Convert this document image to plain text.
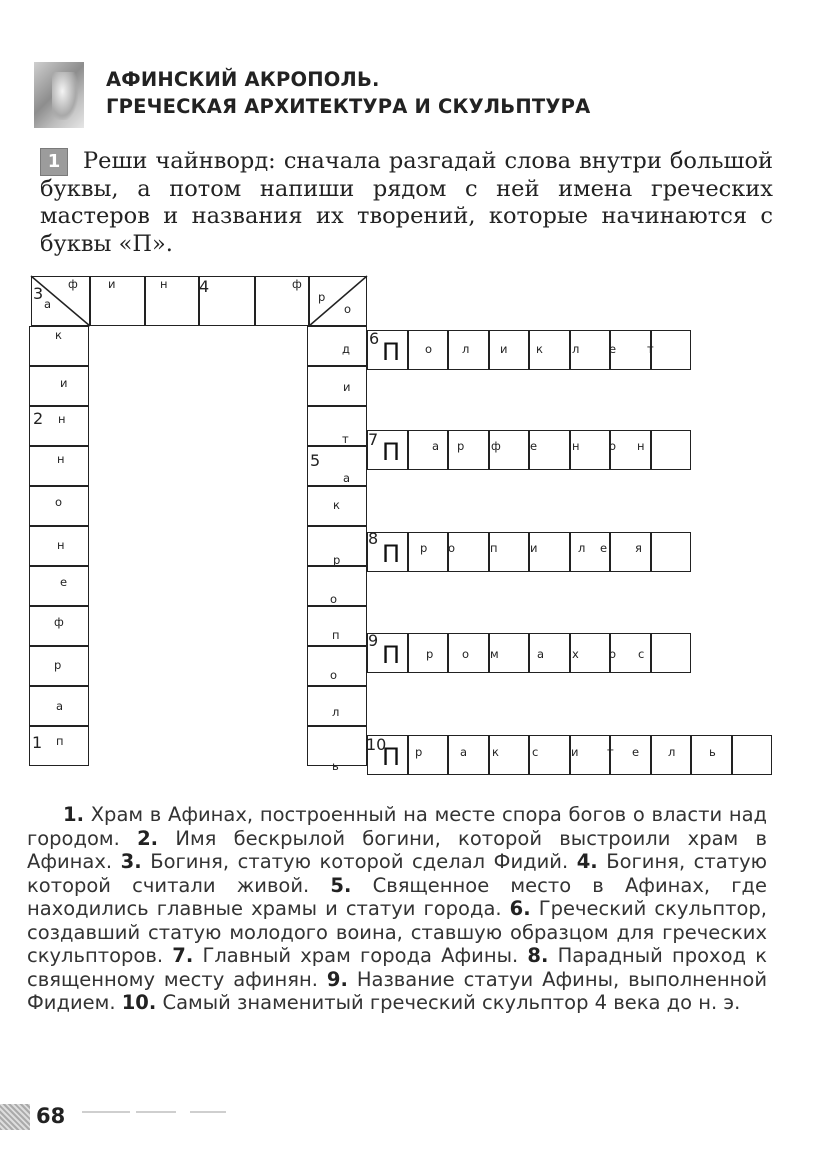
АФИНСКИЙ АКРОПОЛЬ.
ГРЕЧЕСКАЯ АРХИТЕКТУРА И СКУЛЬПТУРА

Реши чайнворд: сначала разгадай слова внутри большой буквы, а потом напиши рядом с ней имена греческих мастеров и названия их творений, которые начинаются с буквы «П».

1
ф	и	н	ф
р
о
а
к
и
н
н
о
н
е
ф
р
а
п
д
и
т
а
к
р
о
п
о
л
ь
3	4
2
1
5
6
7
8
9
10
П
П
П
П
П
о	л	и к	л	е	т
а р ф	е	н	о н
р о	п	и	л е я
р о м	а х	о с
р	а к	с	и т е	л	ь

1. Храм в Афинах, построенный на месте спора богов о власти над городом. 2. Имя бескрылой богини, которой выстроили храм в Афинах. 3. Богиня, статую которой сделал Фидий. 4. Богиня, статую которой считали живой. 5. Священное место в Афинах, где находились главные храмы и статуи города. 6. Греческий скульптор, создавший статую молодого воина, ставшую образцом для греческих скульпторов. 7. Главный храм города Афины. 8. Парадный проход к священному месту афинян. 9. Название статуи Афины, выполненной Фидием. 10. Самый знаменитый греческий скульптор 4 века до н. э.

68
